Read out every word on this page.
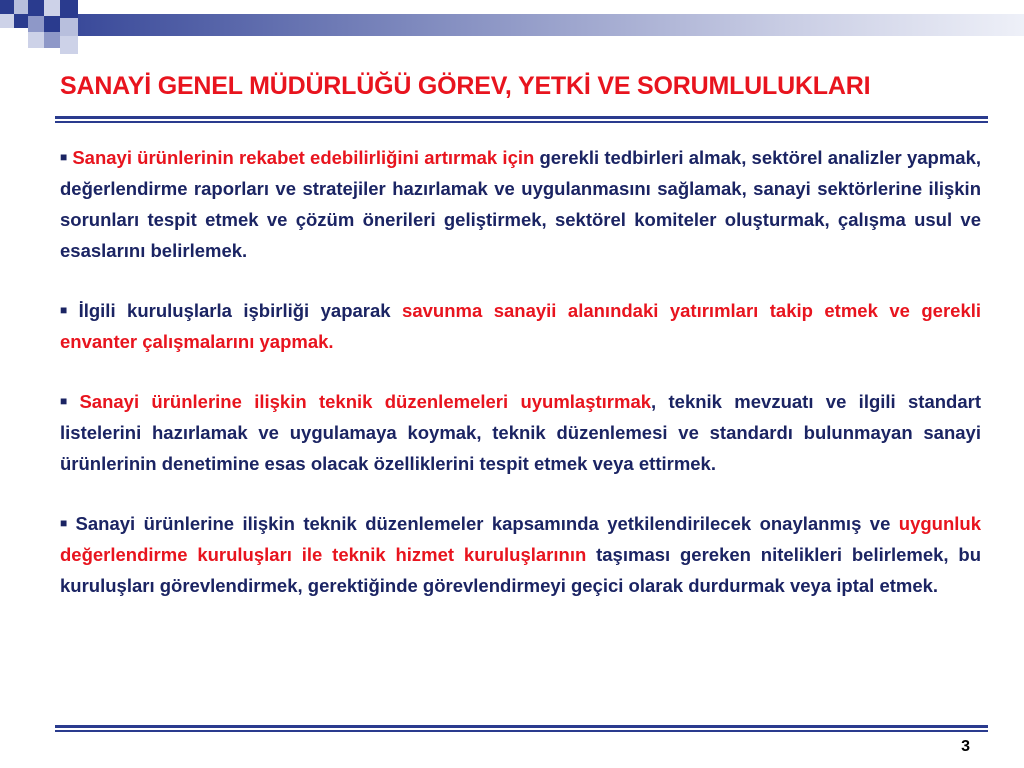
SANAYİ GENEL MÜDÜRLÜĞÜ GÖREV, YETKİ VE SORUMLULUKLARI

■ Sanayi ürünlerinin rekabet edebilirliğini artırmak için gerekli tedbirleri almak, sektörel analizler yapmak, değerlendirme raporları ve stratejiler hazırlamak ve uygulanmasını sağlamak, sanayi sektörlerine ilişkin sorunları tespit etmek ve çözüm önerileri geliştirmek, sektörel komiteler oluşturmak, çalışma usul ve esaslarını belirlemek.

■ İlgili kuruluşlarla işbirliği yaparak savunma sanayii alanındaki yatırımları takip etmek ve gerekli envanter çalışmalarını yapmak.

■ Sanayi ürünlerine ilişkin teknik düzenlemeleri uyumlaştırmak, teknik mevzuatı ve ilgili standart listelerini hazırlamak ve uygulamaya koymak, teknik düzenlemesi ve standardı bulunmayan sanayi ürünlerinin denetimine esas olacak özelliklerini tespit etmek veya ettirmek.

■ Sanayi ürünlerine ilişkin teknik düzenlemeler kapsamında yetkilendirilecek onaylanmış ve uygunluk değerlendirme kuruluşları ile teknik hizmet kuruluşlarının taşıması gereken nitelikleri belirlemek, bu kuruluşları görevlendirmek, gerektiğinde görevlendirmeyi geçici olarak durdurmak veya iptal etmek.

3
